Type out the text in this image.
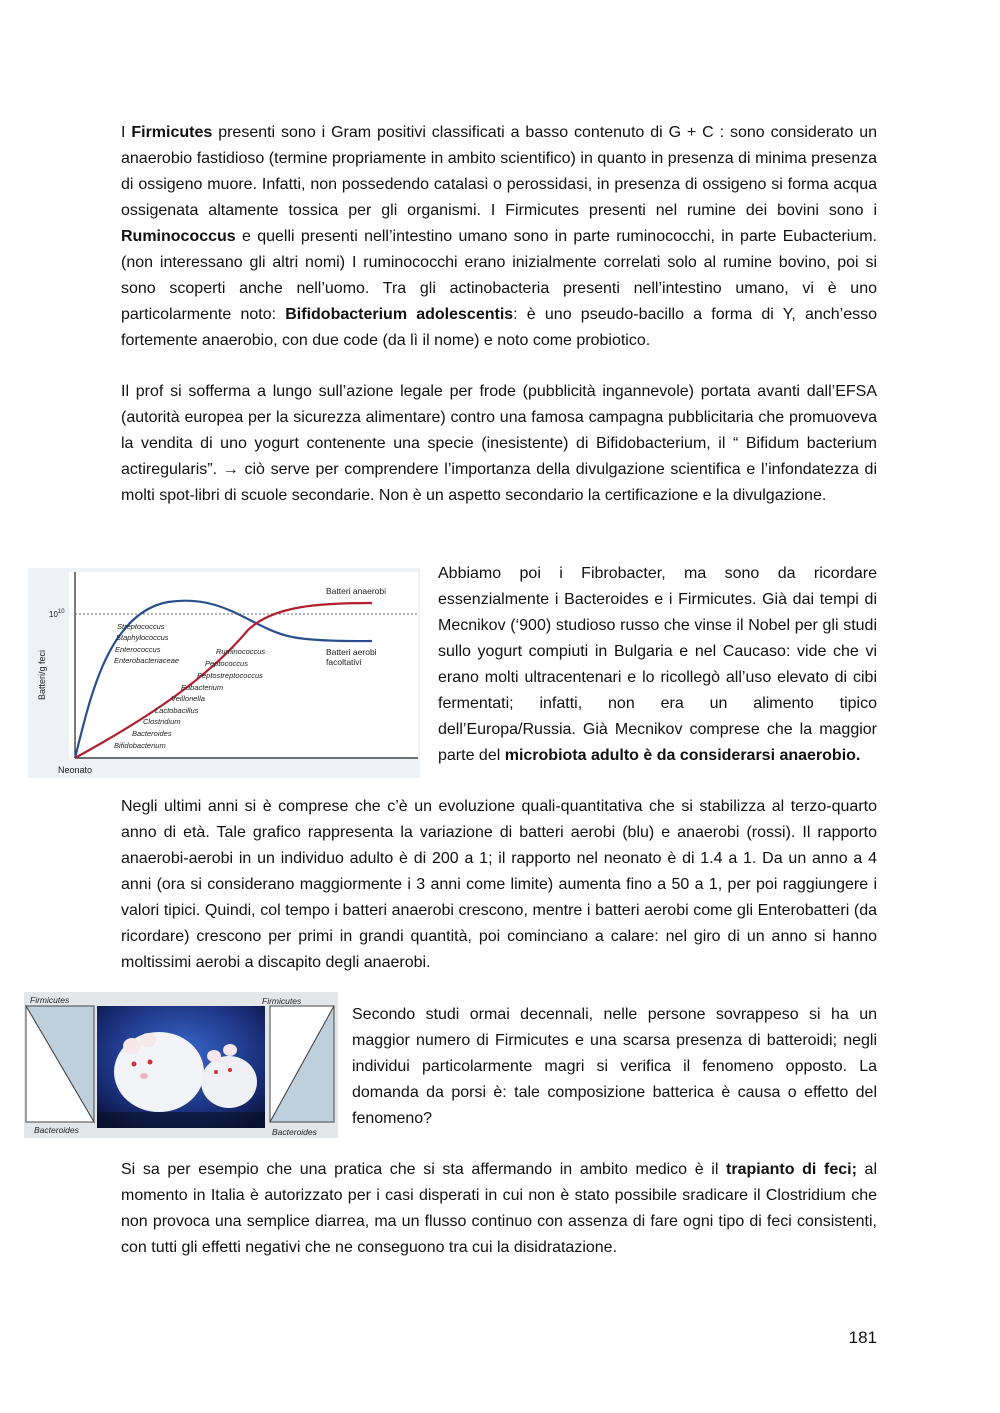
I Firmicutes presenti sono i Gram positivi classificati a basso contenuto di G + C : sono considerato un anaerobio fastidioso (termine propriamente in ambito scientifico) in quanto in presenza di minima presenza di ossigeno muore. Infatti, non possedendo catalasi o perossidasi, in presenza di ossigeno si forma acqua ossigenata altamente tossica per gli organismi. I Firmicutes presenti nel rumine dei bovini sono i Ruminococcus e quelli presenti nell’intestino umano sono in parte ruminococchi, in parte Eubacterium. (non interessano gli altri nomi) I ruminococchi erano inizialmente correlati solo al rumine bovino, poi si sono scoperti anche nell’uomo. Tra gli actinobacteria presenti nell’intestino umano, vi è uno particolarmente noto: Bifidobacterium adolescentis: è uno pseudo-bacillo a forma di Y, anch’esso fortemente anaerobio, con due code (da lì il nome) e noto come probiotico.

Il prof si sofferma a lungo sull’azione legale per frode (pubblicità ingannevole) portata avanti dall’EFSA (autorità europea per la sicurezza alimentare) contro una famosa campagna pubblicitaria che promuoveva la vendita di uno yogurt contenente una specie (inesistente) di Bifidobacterium, il “ Bifidum bacterium actiregularis”. → ciò serve per comprendere l’importanza della divulgazione scientifica e l’infondatezza di molti spot-libri di scuole secondarie. Non è un aspetto secondario la certificazione e la divulgazione.

$10^{10}$
Batteri/g feci
Neonato
Batteri anaerobi
Batteri aerobi facoltativi
Streptococcus
Staphylococcus
Enterococcus
Enterobacteriaceae
Ruminococcus
Peptococcus
Peptostreptococcus
Eubacterium
Veillonella
Lactobacillus
Clostridium
Bacteroides
Bifidobacterium

Abbiamo poi i Fibrobacter, ma sono da ricordare essenzialmente i Bacteroides e i Firmicutes. Già dai tempi di Mecnikov (‘900) studioso russo che vinse il Nobel per gli studi sullo yogurt compiuti in Bulgaria e nel Caucaso: vide che vi erano molti ultracentenari e lo ricollegò all’uso elevato di cibi fermentati; infatti, non era un alimento tipico dell’Europa/Russia. Già Mecnikov comprese che la maggior parte del microbiota adulto è da considerarsi anaerobio.

Negli ultimi anni si è comprese che c’è un evoluzione quali-quantitativa che si stabilizza al terzo-quarto anno di età. Tale grafico rappresenta la variazione di batteri aerobi (blu) e anaerobi (rossi). Il rapporto anaerobi-aerobi in un individuo adulto è di 200 a 1; il rapporto nel neonato è di 1.4 a 1. Da un anno a 4 anni (ora si considerano maggiormente i 3 anni come limite) aumenta fino a 50 a 1, per poi raggiungere i valori tipici. Quindi, col tempo i batteri anaerobi crescono, mentre i batteri aerobi come gli Enterobatteri (da ricordare) crescono per primi in grandi quantità, poi cominciano a calare: nel giro di un anno si hanno moltissimi aerobi a discapito degli anaerobi.

Firmicutes
Bacteroides
Firmicutes
Bacteroides

Secondo studi ormai decennali, nelle persone sovrappeso si ha un maggior numero di Firmicutes e una scarsa presenza di batteroidi; negli individui particolarmente magri si verifica il fenomeno opposto. La domanda da porsi è: tale composizione batterica è causa o effetto del fenomeno?

Si sa per esempio che una pratica che si sta affermando in ambito medico è il trapianto di feci; al momento in Italia è autorizzato per i casi disperati in cui non è stato possibile sradicare il Clostridium che non provoca una semplice diarrea, ma un flusso continuo con assenza di fare ogni tipo di feci consistenti, con tutti gli effetti negativi che ne conseguono tra cui la disidratazione.

181
